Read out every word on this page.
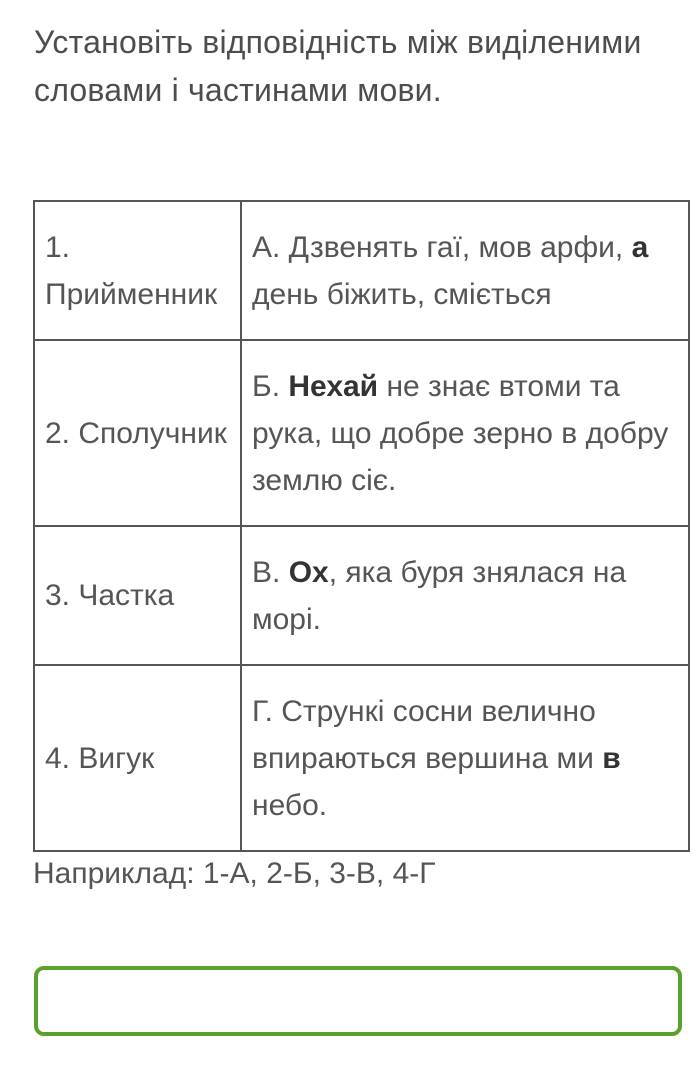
Установіть відповідність між виділеними словами і частинами мови.
1. Прийменник	А. Дзвенять гаї, мов арфи, а день біжить, сміється
2. Сполучник	Б. Нехай не знає втоми та рука, що добре зерно в добру землю сіє.
3. Частка	В. Ох, яка буря знялася на морі.
4. Вигук	Г. Стрункі сосни велично впираються вершина ми в небо.
Наприклад: 1-А, 2-Б, 3-В, 4-Г
